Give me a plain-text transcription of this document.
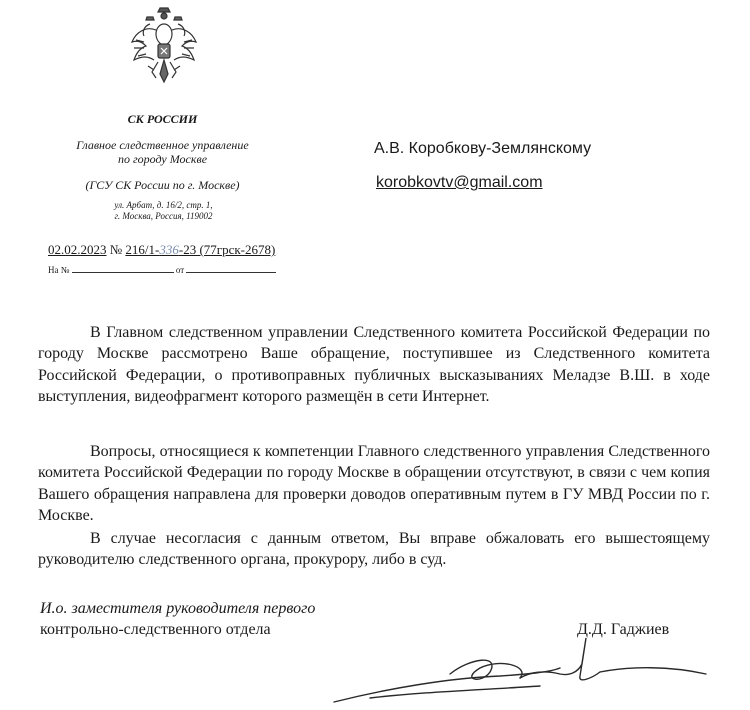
СК РОССИИ
Главное следственное управление
по городу Москве
(ГСУ СК России по г. Москве)
ул. Арбат, д. 16/2, стр. 1,
г. Москва, Россия, 119002
02.02.2023 № 216/1-336-23 (77грск-2678)
На №	от
А.В. Коробкову-Землянскому
korobkovtv@gmail.com
В Главном следственном управлении Следственного комитета Российской Федерации по городу Москве рассмотрено Ваше обращение, поступившее из Следственного комитета Российской Федерации, о противоправных публичных высказываниях Меладзе В.Ш. в ходе выступления, видеофрагмент которого размещён в сети Интернет.
Вопросы, относящиеся к компетенции Главного следственного управления Следственного комитета Российской Федерации по городу Москве в обращении отсутствуют, в связи с чем копия Вашего обращения направлена для проверки доводов оперативным путем в ГУ МВД России по г. Москве.
В случае несогласия с данным ответом, Вы вправе обжаловать его вышестоящему руководителю следственного органа, прокурору, либо в суд.
И.о. заместителя руководителя первого
контрольно-следственного отдела	Д.Д. Гаджиев
